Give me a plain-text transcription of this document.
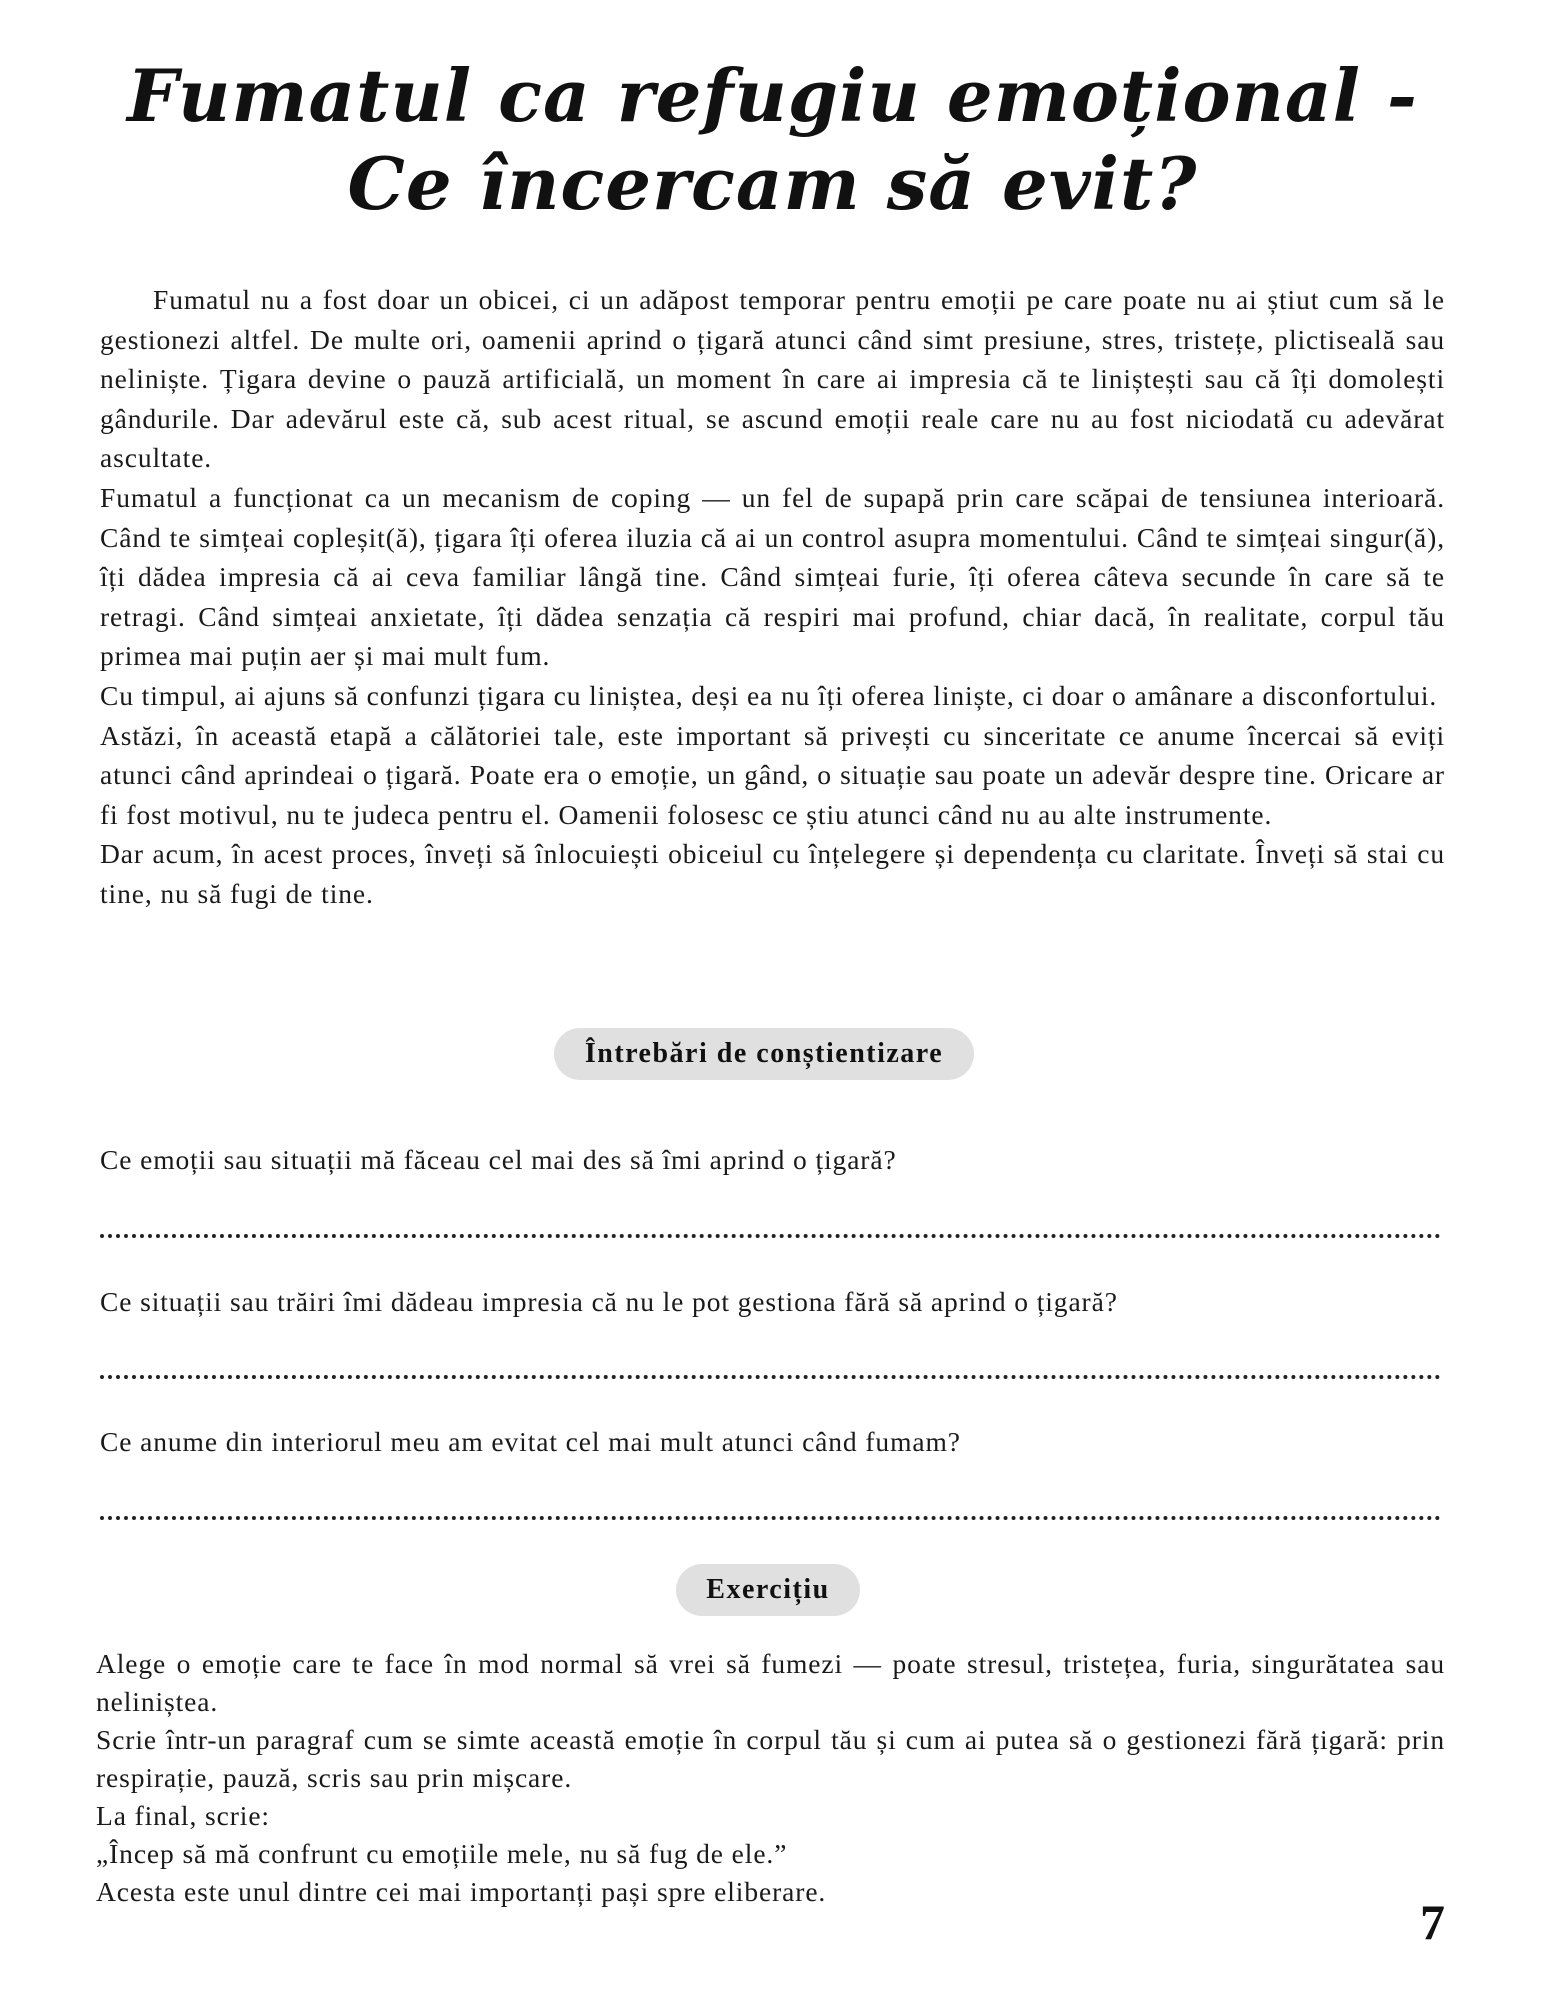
Fumatul ca refugiu emoțional - Ce încercam să evit?

Fumatul nu a fost doar un obicei, ci un adăpost temporar pentru emoții pe care poate nu ai știut cum să le gestionezi altfel. De multe ori, oamenii aprind o țigară atunci când simt presiune, stres, tristețe, plictiseală sau neliniște. Țigara devine o pauză artificială, un moment în care ai impresia că te liniștești sau că îți domolești gândurile. Dar adevărul este că, sub acest ritual, se ascund emoții reale care nu au fost niciodată cu adevărat ascultate.

Fumatul a funcționat ca un mecanism de coping — un fel de supapă prin care scăpai de tensiunea interioară. Când te simțeai copleșit(ă), țigara îți oferea iluzia că ai un control asupra momentului. Când te simțeai singur(ă), îți dădea impresia că ai ceva familiar lângă tine. Când simțeai furie, îți oferea câteva secunde în care să te retragi. Când simțeai anxietate, îți dădea senzația că respiri mai profund, chiar dacă, în realitate, corpul tău primea mai puțin aer și mai mult fum.

Cu timpul, ai ajuns să confunzi țigara cu liniștea, deși ea nu îți oferea liniște, ci doar o amânare a disconfortului.

Astăzi, în această etapă a călătoriei tale, este important să privești cu sinceritate ce anume încercai să eviți atunci când aprindeai o țigară. Poate era o emoție, un gând, o situație sau poate un adevăr despre tine. Oricare ar fi fost motivul, nu te judeca pentru el. Oamenii folosesc ce știu atunci când nu au alte instrumente.

Dar acum, în acest proces, înveți să înlocuiești obiceiul cu înțelegere și dependența cu claritate. Înveți să stai cu tine, nu să fugi de tine.

Întrebări de conștientizare
Ce emoții sau situații mă făceau cel mai des să îmi aprind o țigară?
Ce situații sau trăiri îmi dădeau impresia că nu le pot gestiona fără să aprind o țigară?
Ce anume din interiorul meu am evitat cel mai mult atunci când fumam?
Exercițiu

Alege o emoție care te face în mod normal să vrei să fumezi — poate stresul, tristețea, furia, singurătatea sau neliniștea.

Scrie într-un paragraf cum se simte această emoție în corpul tău și cum ai putea să o gestionezi fără țigară: prin respirație, pauză, scris sau prin mișcare.

La final, scrie:

„Încep să mă confrunt cu emoțiile mele, nu să fug de ele.”

Acesta este unul dintre cei mai importanți pași spre eliberare.

7
